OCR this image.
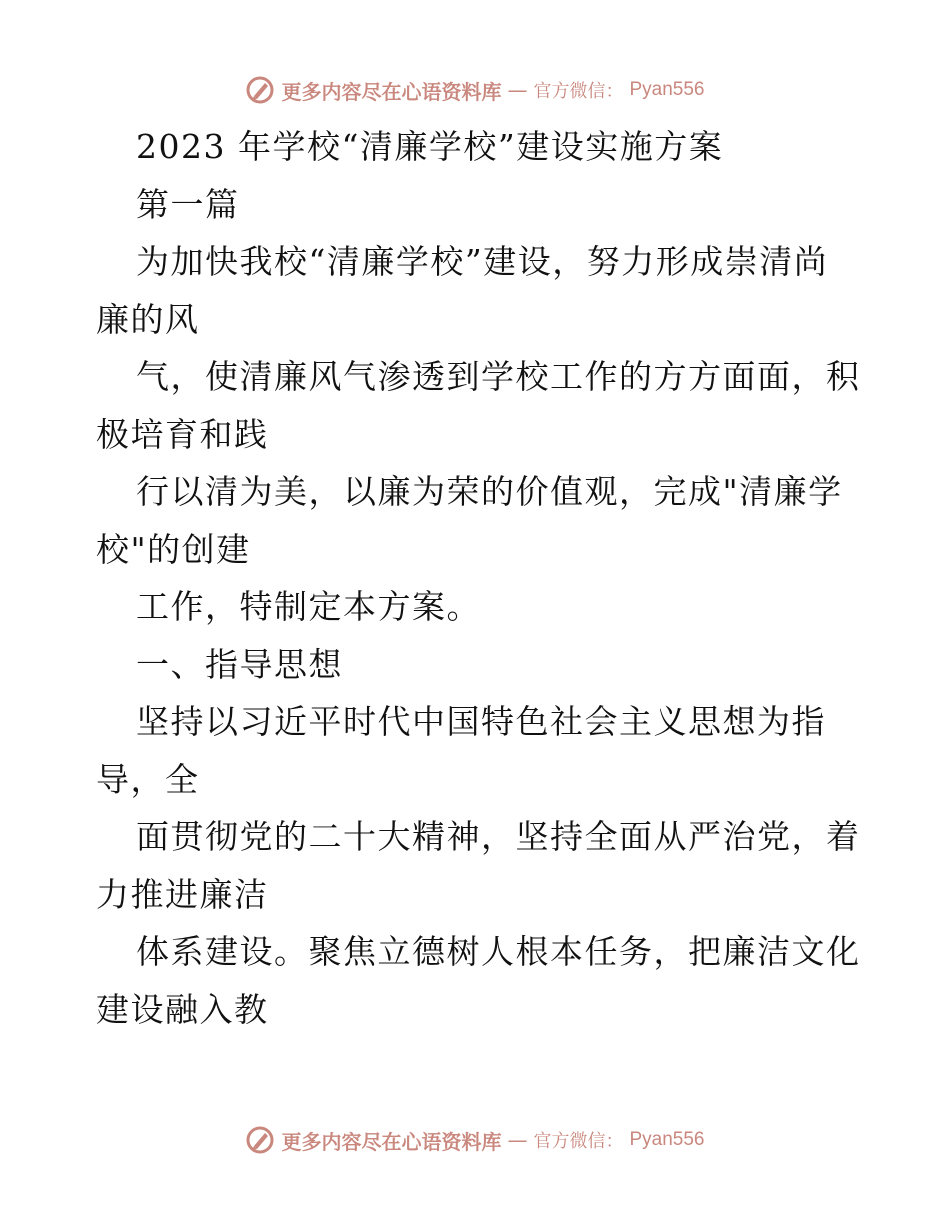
更多内容尽在心语资料库 — 官方微信： Pyan556
2023 年学校“清廉学校”建设实施方案
第一篇
为加快我校“清廉学校”建设，努力形成崇清尚
廉的风
气，使清廉风气渗透到学校工作的方方面面，积
极培育和践
行以清为美，以廉为荣的价值观，完成"清廉学
校"的创建
工作，特制定本方案。
一、指导思想
坚持以习近平时代中国特色社会主义思想为指
导，全
面贯彻党的二十大精神，坚持全面从严治党，着
力推进廉洁
体系建设。聚焦立德树人根本任务，把廉洁文化
建设融入教
更多内容尽在心语资料库 — 官方微信： Pyan556
